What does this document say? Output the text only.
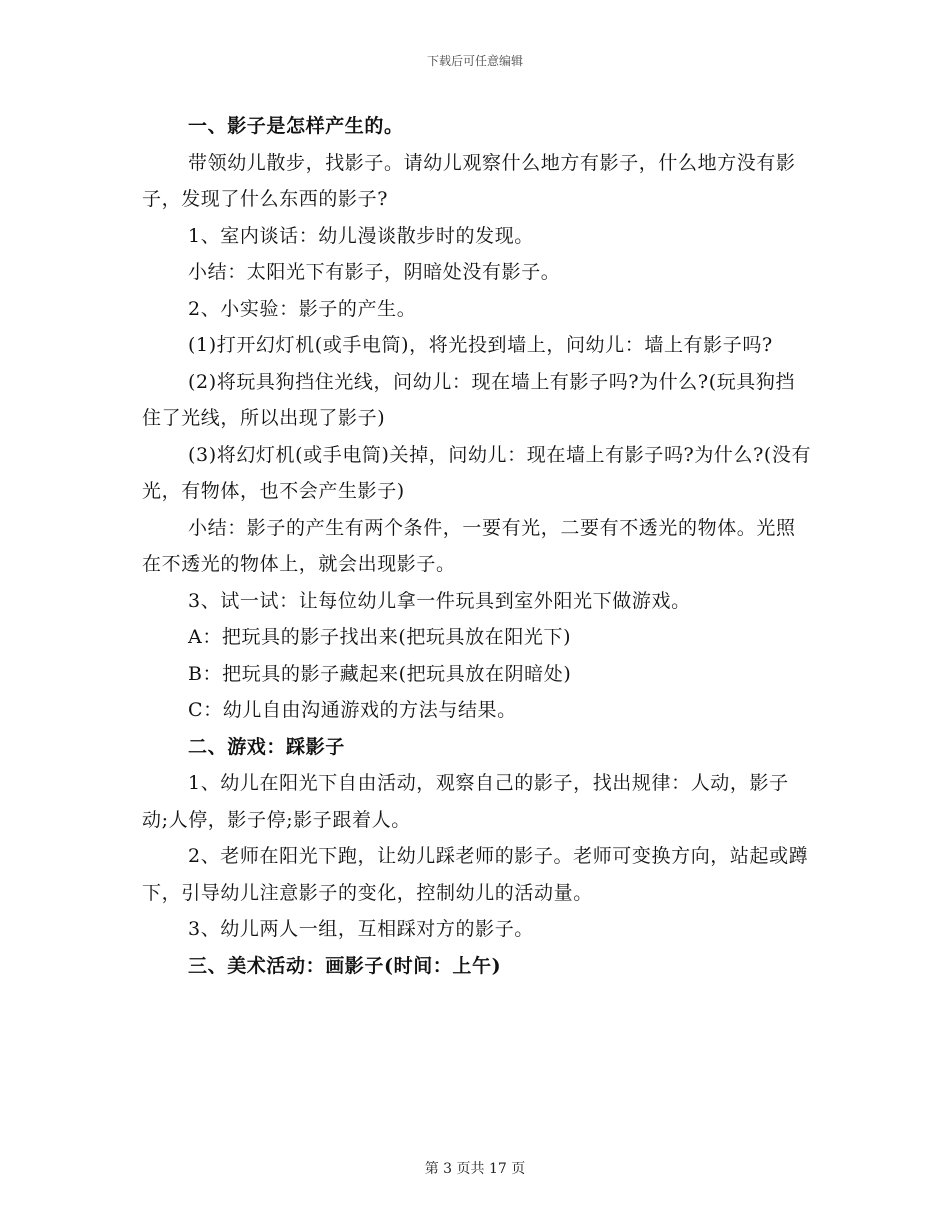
下载后可任意编辑

一、影子是怎样产生的。

带领幼儿散步，找影子。请幼儿观察什么地方有影子，什么地方没有影子，发现了什么东西的影子?

1、室内谈话：幼儿漫谈散步时的发现。

小结：太阳光下有影子，阴暗处没有影子。

2、小实验：影子的产生。

(1)打开幻灯机(或手电筒)，将光投到墙上，问幼儿：墙上有影子吗?

(2)将玩具狗挡住光线，问幼儿：现在墙上有影子吗?为什么?(玩具狗挡住了光线，所以出现了影子)

(3)将幻灯机(或手电筒)关掉，问幼儿：现在墙上有影子吗?为什么?(没有光，有物体，也不会产生影子)

小结：影子的产生有两个条件，一要有光，二要有不透光的物体。光照在不透光的物体上，就会出现影子。

3、试一试：让每位幼儿拿一件玩具到室外阳光下做游戏。

A：把玩具的影子找出来(把玩具放在阳光下)

B：把玩具的影子藏起来(把玩具放在阴暗处)

C：幼儿自由沟通游戏的方法与结果。

二、游戏：踩影子

1、幼儿在阳光下自由活动，观察自己的影子，找出规律：人动，影子动;人停，影子停;影子跟着人。

2、老师在阳光下跑，让幼儿踩老师的影子。老师可变换方向，站起或蹲下，引导幼儿注意影子的变化，控制幼儿的活动量。

3、幼儿两人一组，互相踩对方的影子。

三、美术活动：画影子(时间：上午)

第 3 页共 17 页
